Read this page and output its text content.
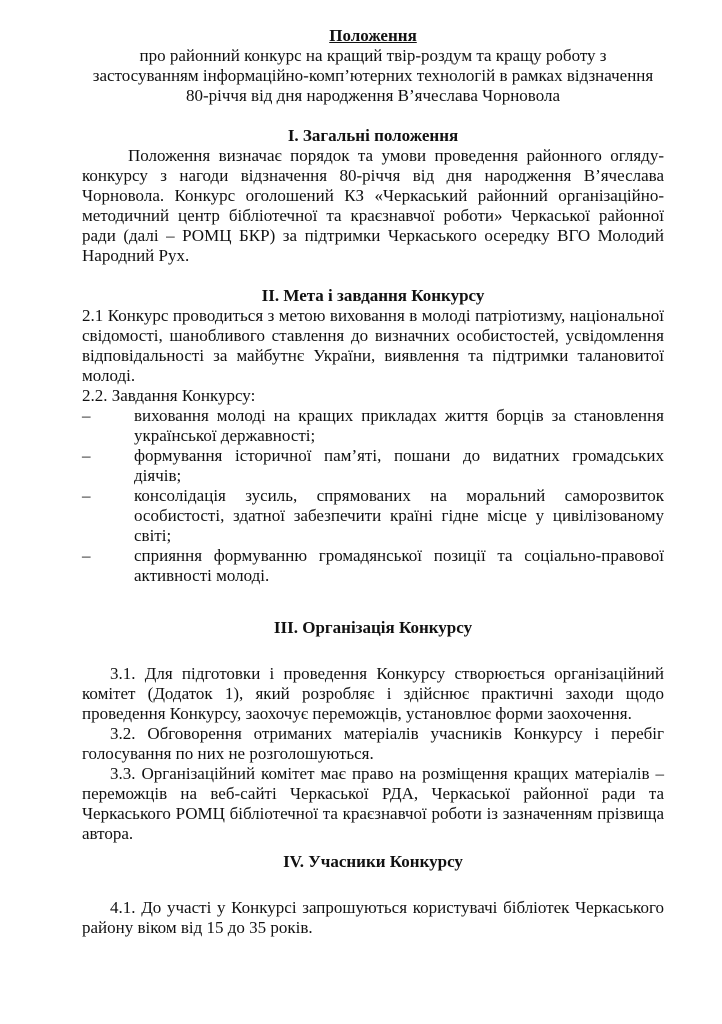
Положення
про районний конкурс на кращий твір-роздум та кращу роботу з
застосуванням інформаційно-комп’ютерних технологій в рамках відзначення
80-річчя від дня народження В’ячеслава Чорновола
І. Загальні положення

Положення визначає порядок та умови проведення районного огляду-конкурсу з нагоди відзначення 80-річчя від дня народження В’ячеслава Чорновола. Конкурс оголошений КЗ «Черкаський районний організаційно-методичний центр бібліотечної та краєзнавчої роботи» Черкаської районної ради (далі – РОМЦ БКР) за підтримки Черкаського осередку ВГО Молодий Народний Рух.

ІІ. Мета і завдання Конкурсу

2.1 Конкурс проводиться з метою виховання в молоді патріотизму, національної свідомості, шанобливого ставлення до визначних особистостей, усвідомлення відповідальності за майбутнє України, виявлення та підтримки талановитої молоді.

2.2. Завдання Конкурсу:

–	виховання молоді на кращих прикладах життя борців за становлення української державності;
–	формування історичної пам’яті, пошани до видатних громадських діячів;
–	консолідація зусиль, спрямованих на моральний саморозвиток особистості, здатної забезпечити країні гідне місце у цивілізованому світі;
–	сприяння формуванню громадянської позиції та соціально-правової активності молоді.
ІІІ. Організація Конкурсу

3.1. Для підготовки і проведення Конкурсу створюється організаційний комітет (Додаток 1), який розробляє і здійснює практичні заходи щодо проведення Конкурсу, заохочує переможців, установлює форми заохочення.

3.2. Обговорення отриманих матеріалів учасників Конкурсу і перебіг голосування по них не розголошуються.

3.3. Організаційний комітет має право на розміщення кращих матеріалів – переможців на веб-сайті Черкаської РДА, Черкаської районної ради та Черкаського РОМЦ бібліотечної та краєзнавчої роботи із зазначенням прізвища автора.

IV. Учасники Конкурсу

4.1. До участі у Конкурсі запрошуються користувачі бібліотек Черкаського району віком від 15 до 35 років.
